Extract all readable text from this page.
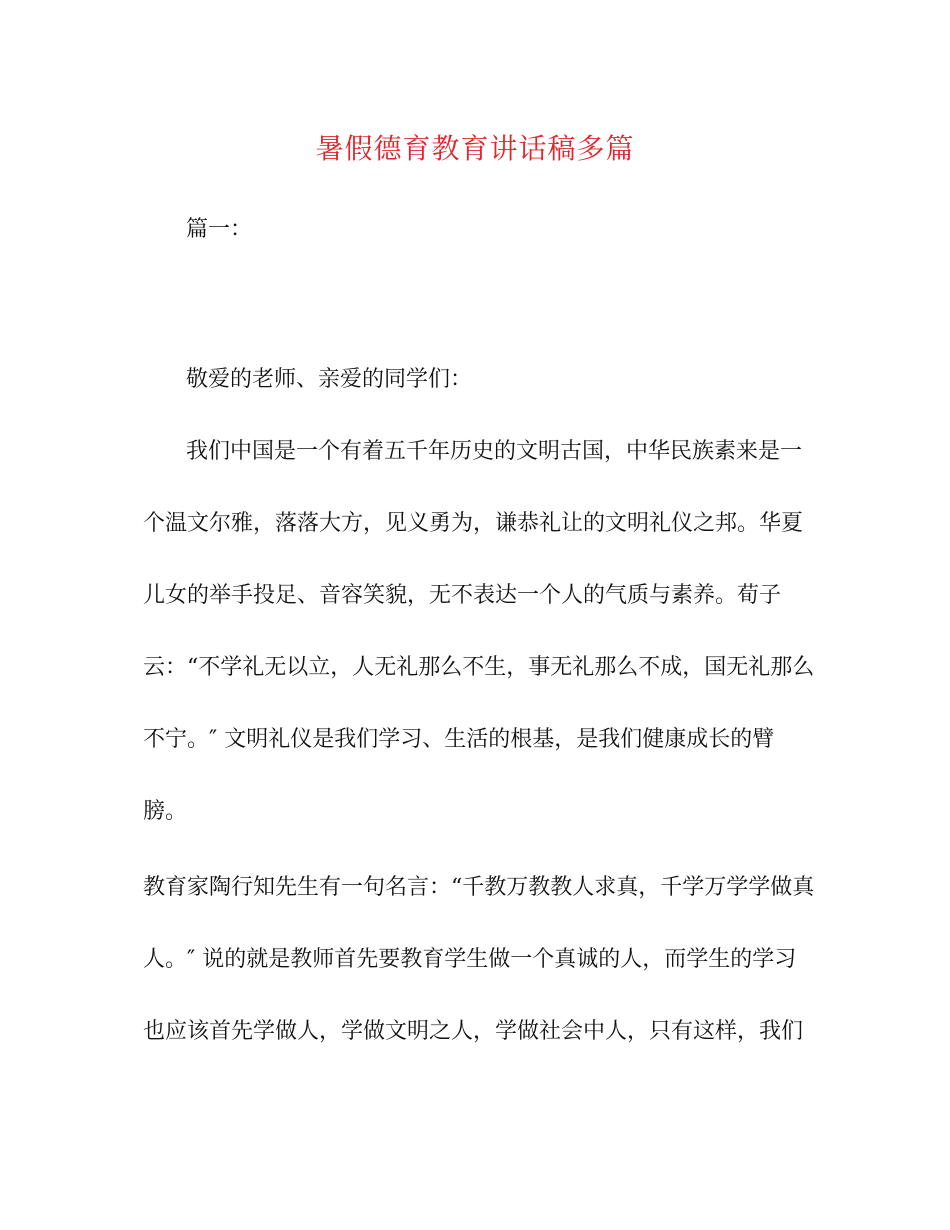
暑假德育教育讲话稿多篇
篇一：
敬爱的老师、亲爱的同学们：
我们中国是一个有着五千年历史的文明古国，中华民族素来是一
个温文尔雅，落落大方，见义勇为，谦恭礼让的文明礼仪之邦。华夏
儿女的举手投足、音容笑貌，无不表达一个人的气质与素养。荀子
云：“不学礼无以立，人无礼那么不生，事无礼那么不成，国无礼那么
不宁。″ 文明礼仪是我们学习、生活的根基，是我们健康成长的臂
膀。
教育家陶行知先生有一句名言：“千教万教教人求真，千学万学学做真
人。″ 说的就是教师首先要教育学生做一个真诚的人，而学生的学习
也应该首先学做人，学做文明之人，学做社会中人，只有这样，我们
